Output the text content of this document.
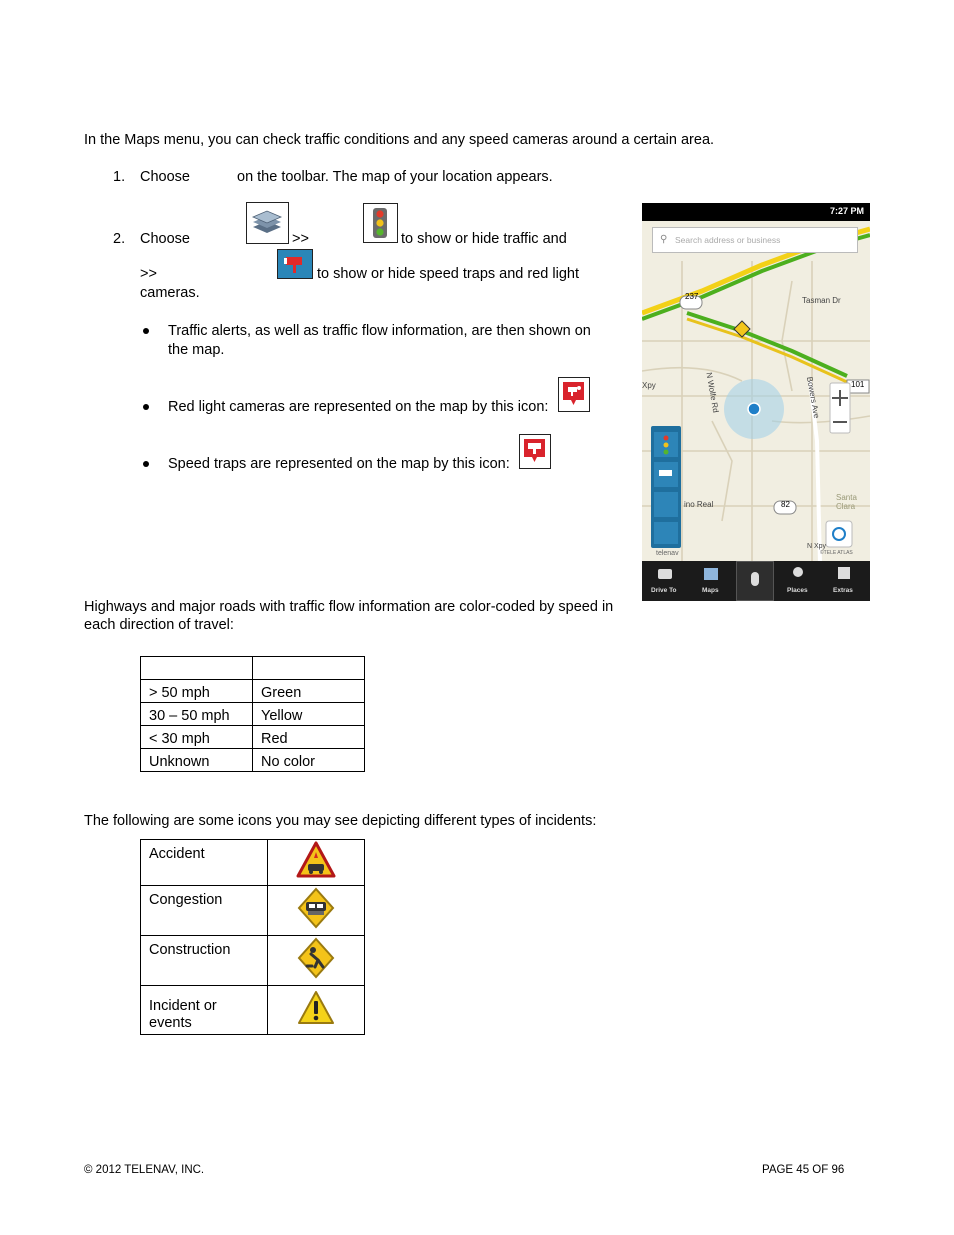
In the Maps menu, you can check traffic conditions and any speed cameras around a certain area.
1. Choose	on the toolbar. The map of your location appears.
2. Choose	>>	to show or hide traffic and
>>	to show or hide speed traps and red light
cameras.
Traffic alerts, as well as traffic flow information, are then shown on
the map.
Red light cameras are represented on the map by this icon:
Speed traps are represented on the map by this icon:
7:27 PM
Search address or business
⚲
237	Tasman Dr
N Wolfe Rd	Bowers Ave	101
82
Santa Clara
ino Real
Xpy
N Xpy
telenav	©TELE ATLAS
Drive To	Maps	Places	Extras
Highways and major roads with traffic flow information are color-coded by speed in
each direction of travel:

> 50 mph	Green
30 – 50 mph	Yellow
< 30 mph	Red
Unknown	No color
The following are some icons you may see depicting different types of incidents:
Accident	
Congestion	
Construction	
Incident or events	
© 2012 TELENAV, INC.	PAGE 45 OF 96
